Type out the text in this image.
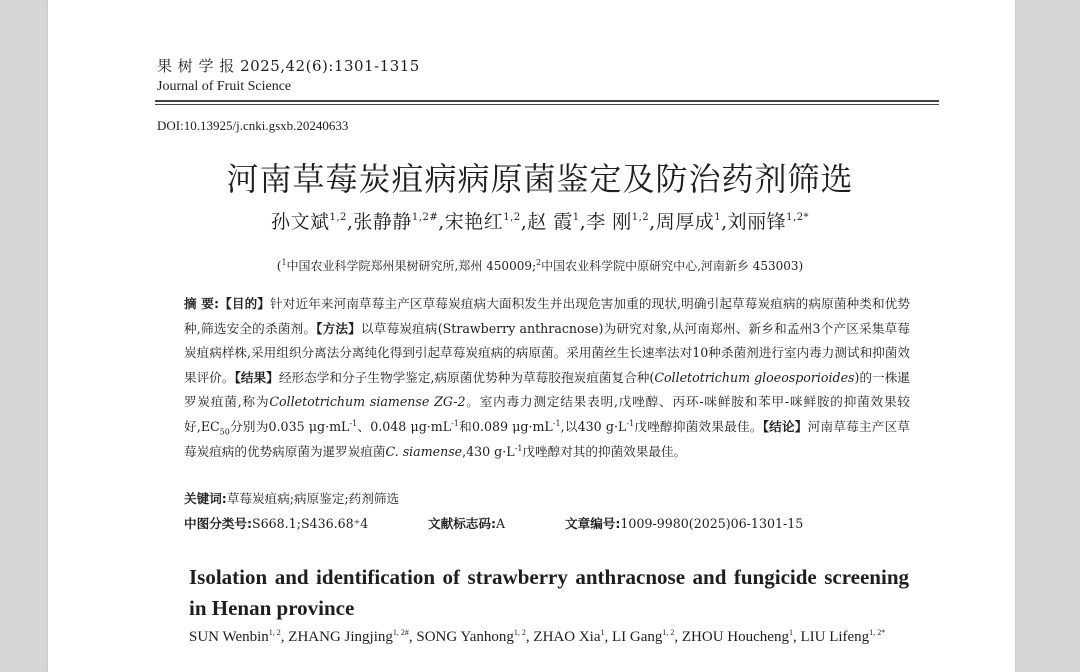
果 树 学 报 2025,42(6):1301-1315
Journal of Fruit Science
DOI:10.13925/j.cnki.gsxb.20240633
河南草莓炭疽病病原菌鉴定及防治药剂筛选
孙文斌$^{1,2}$,张静静$^{1,2\#}$,宋艳红$^{1,2}$,赵 霞$^1$,李 刚$^{1,2}$,周厚成$^1$,刘丽锋$^{1,2*}$
($^1$中国农业科学院郑州果树研究所,郑州 450009;$^2$中国农业科学院中原研究中心,河南新乡 453003)
摘 要:【目的】针对近年来河南草莓主产区草莓炭疽病大面积发生并出现危害加重的现状,明确引起草莓炭疽病的病原菌种类和优势种,筛选安全的杀菌剂。【方法】以草莓炭疽病(Strawberry anthracnose)为研究对象,从河南郑州、新乡和孟州3个产区采集草莓炭疽病样株,采用组织分离法分离纯化得到引起草莓炭疽病的病原菌。采用菌丝生长速率法对10种杀菌剂进行室内毒力测试和抑菌效果评价。【结果】经形态学和分子生物学鉴定,病原菌优势种为草莓胶孢炭疽菌复合种(Colletotrichum gloeosporioides)的一株暹罗炭疽菌,称为Colletotrichum siamense ZG-2。室内毒力测定结果表明,戊唑醇、丙环-咪鲜胺和苯甲-咪鲜胺的抑菌效果较好$,EC_{50}$分别为0.035 $\mu g\cdot mL^{-1}$、0.048 $\mu g\cdot mL^{-1}$和0.089 $\mu g\cdot mL^{-1}$,以430 $g\cdot L^{-1}$戊唑醇抑菌效果最佳。【结论】河南草莓主产区草莓炭疽病的优势病原菌为暹罗炭疽菌C. siamense,430 $g\cdot L^{-1}$戊唑醇对其的抑菌效果最佳。
关键词:草莓炭疽病;病原鉴定;药剂筛选
中图分类号:S668.1;S436.68⁺4	文献标志码:A	文章编号:1009-9980(2025)06-1301-15
Isolation and identification of strawberry anthracnose and fungicide screening in Henan province
SUN Wenbin$^{1, 2}$, ZHANG Jingjing$^{1, 2\#}$, SONG Yanhong$^{1, 2}$, ZHAO Xia$^1$, LI Gang$^{1, 2}$, ZHOU Houcheng$^1$, LIU Lifeng$^{1, 2*}$
